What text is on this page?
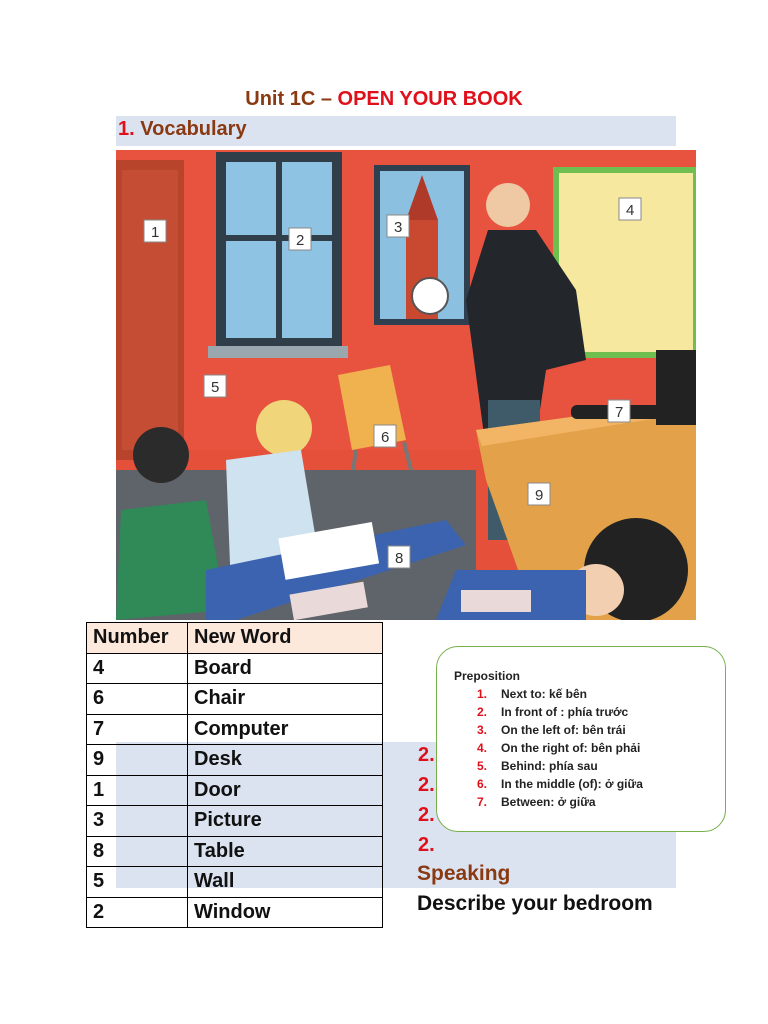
Unit 1C – OPEN YOUR BOOK
1. Vocabulary
1	2
3
4
5
6
7
8
9
Number	New Word
4	Board
6	Chair
7	Computer
9	Desk
1	Door
3	Picture
8	Table
5	Wall
2	Window
2.
2.
2.
2.
Speaking
Describe your bedroom
Preposition
1. Next to: kế bên
2. In front of : phía trước
3. On the left of: bên trái
4. On the right of: bên phải
5. Behind: phía sau
6. In the middle (of): ở giữa
7. Between: ở giữa
